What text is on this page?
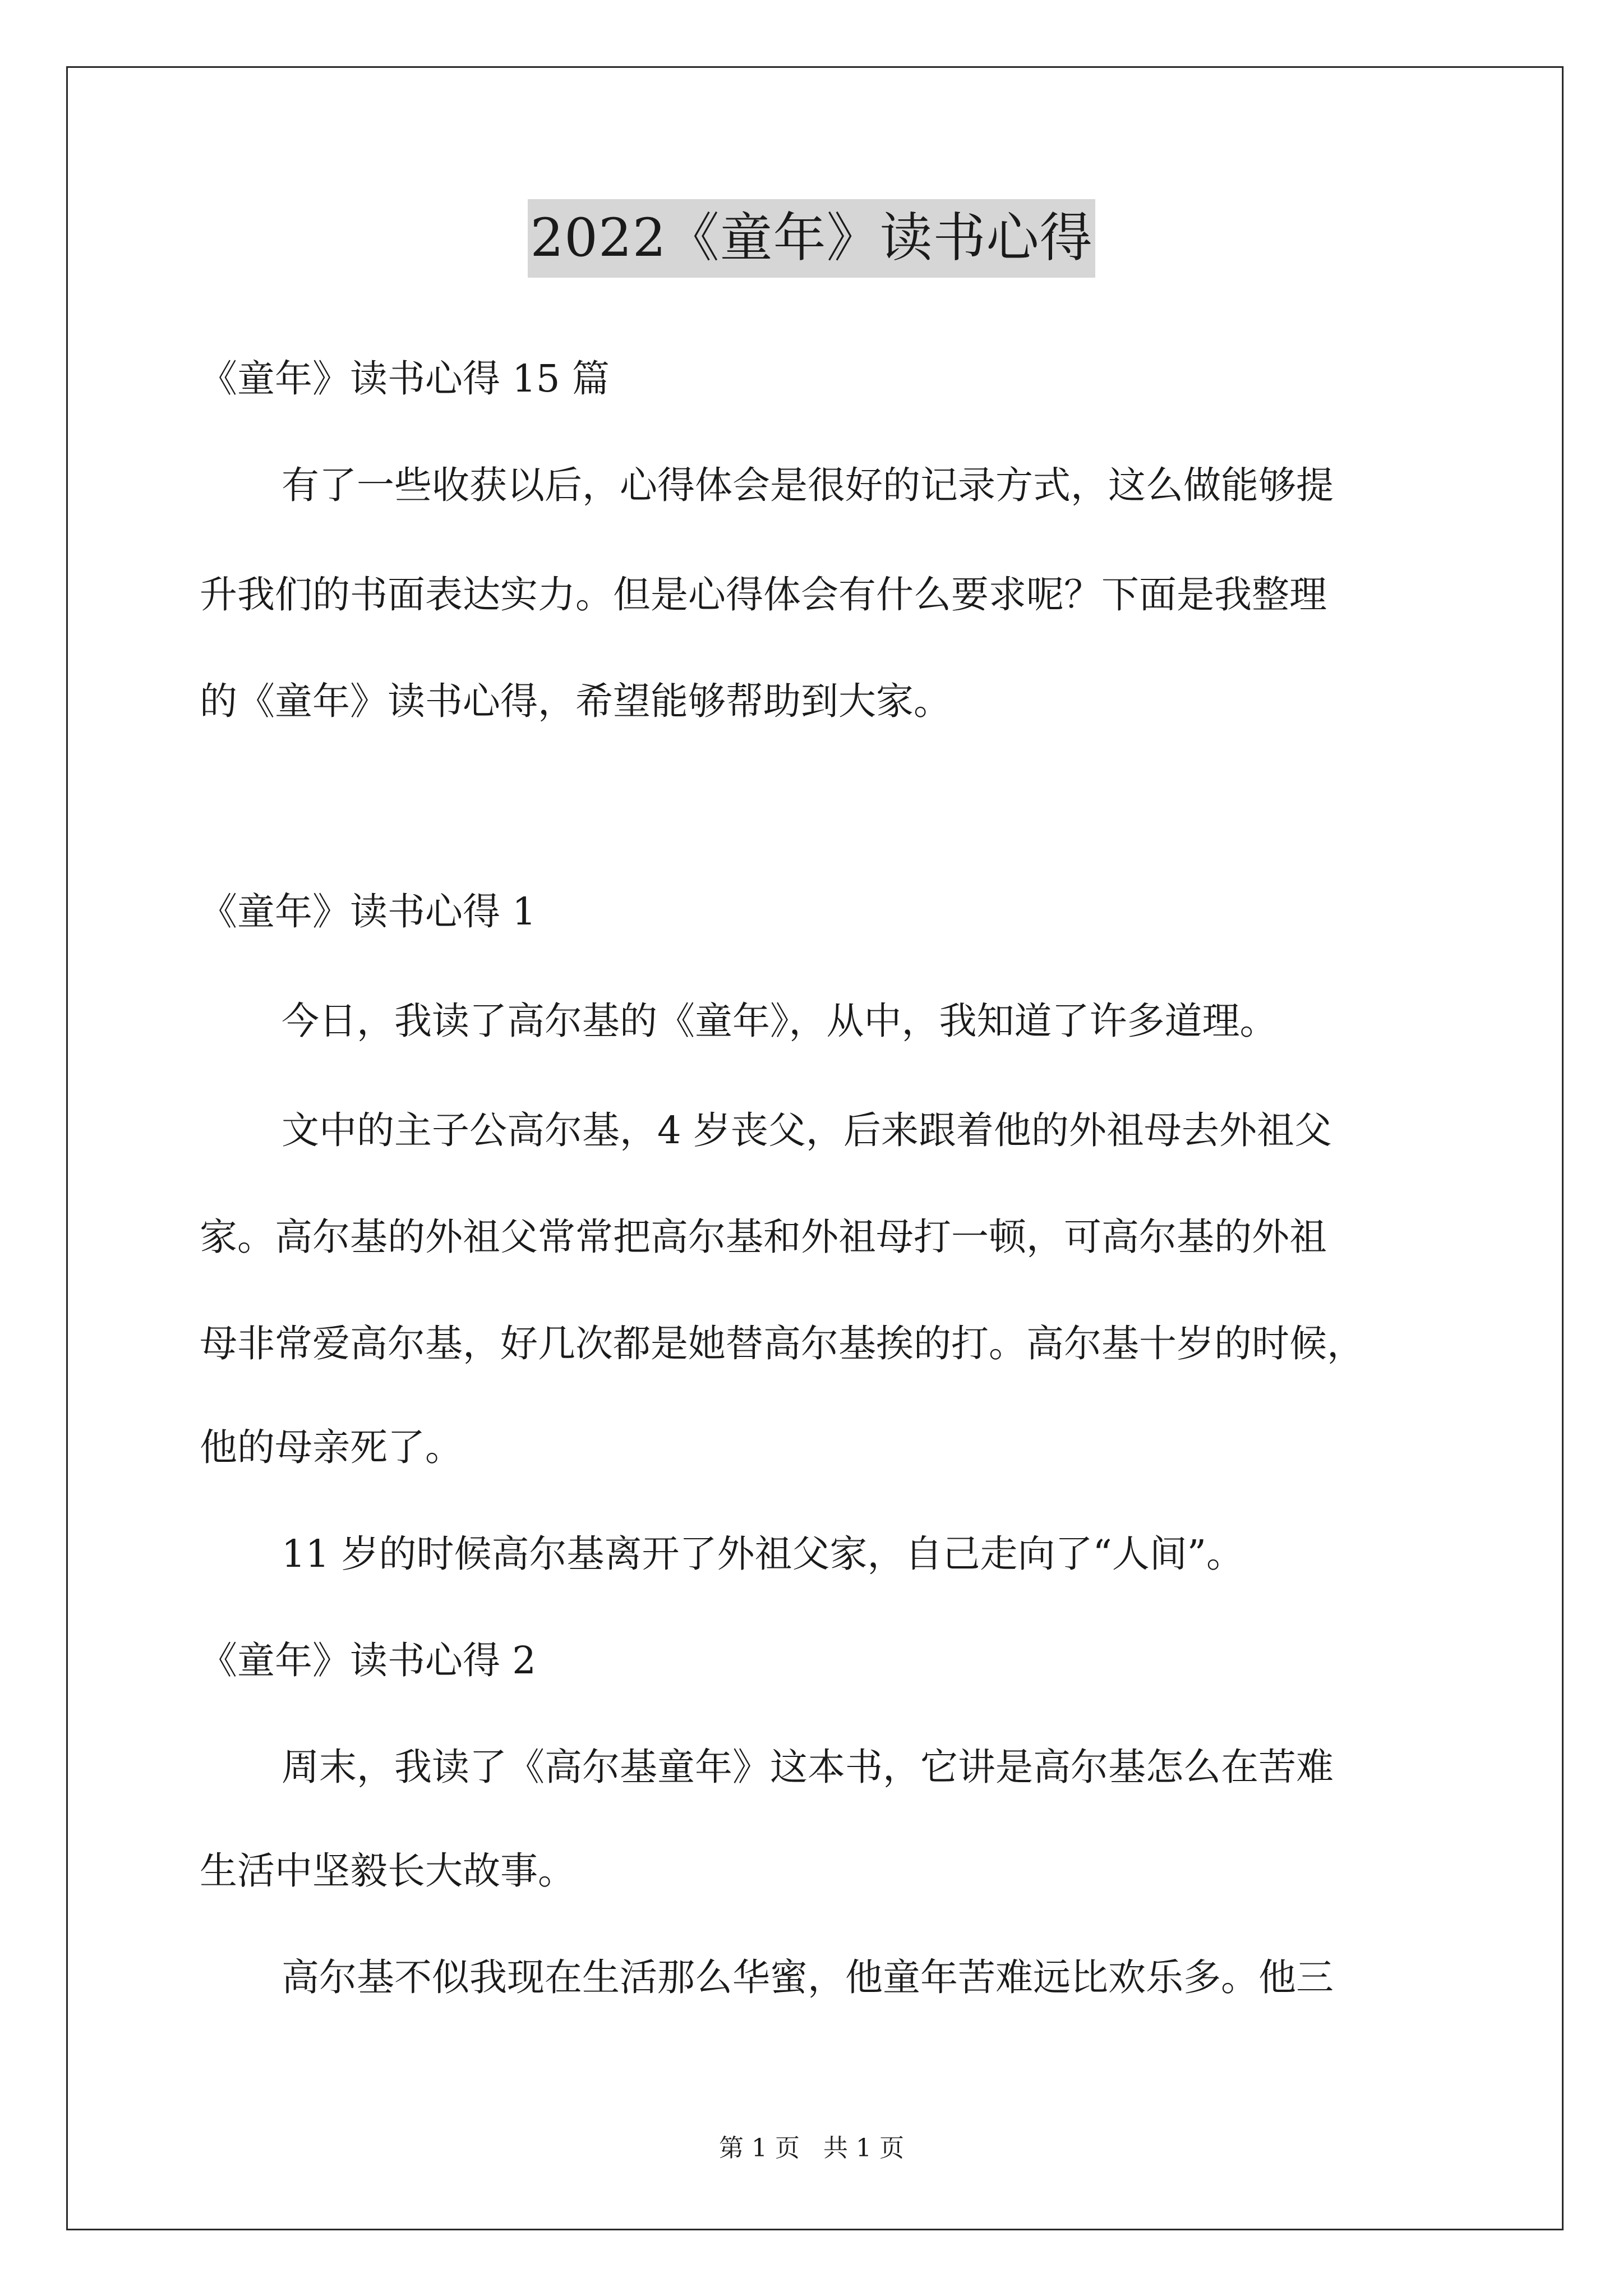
2022《童年》读书心得
《童年》读书心得 15 篇
有了一些收获以后，心得体会是很好的记录方式，这么做能够提
升我们的书面表达实力。但是心得体会有什么要求呢？下面是我整理
的《童年》读书心得，希望能够帮助到大家。
《童年》读书心得 1
今日，我读了高尔基的《童年》，从中，我知道了许多道理。
文中的主子公高尔基，4 岁丧父，后来跟着他的外祖母去外祖父
家。高尔基的外祖父常常把高尔基和外祖母打一顿，可高尔基的外祖
母非常爱高尔基，好几次都是她替高尔基挨的打。高尔基十岁的时候，
他的母亲死了。
11 岁的时候高尔基离开了外祖父家，自己走向了“人间”。
《童年》读书心得 2
周末，我读了《高尔基童年》这本书，它讲是高尔基怎么在苦难
生活中坚毅长大故事。
高尔基不似我现在生活那么华蜜，他童年苦难远比欢乐多。他三
第 1 页   共 1 页
